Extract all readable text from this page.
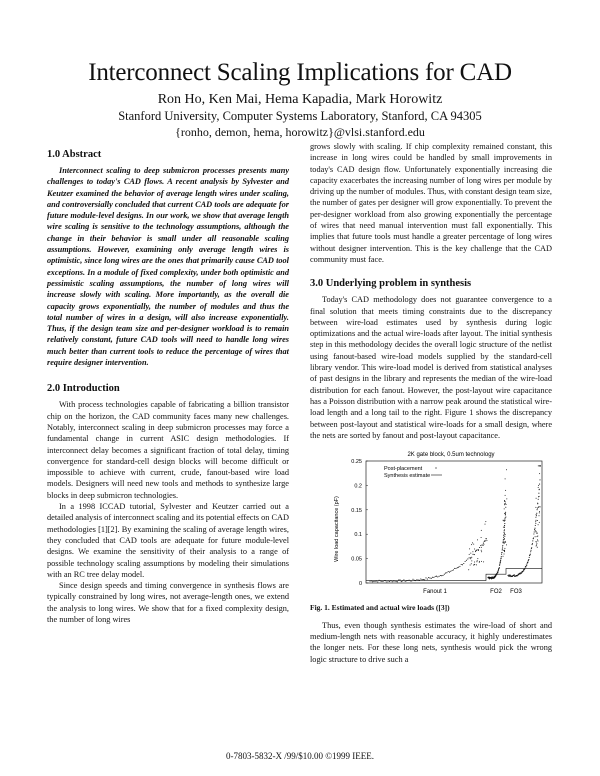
Interconnect Scaling Implications for CAD
Ron Ho, Ken Mai, Hema Kapadia, Mark Horowitz
Stanford University, Computer Systems Laboratory, Stanford, CA 94305
{ronho, demon, hema, horowitz}@vlsi.stanford.edu
1.0 Abstract

Interconnect scaling to deep submicron processes presents many challenges to today's CAD flows. A recent analysis by Sylvester and Keutzer examined the behavior of average length wires under scaling, and controversially concluded that current CAD tools are adequate for future module-level designs. In our work, we show that average length wire scaling is sensitive to the technology assumptions, although the change in their behavior is small under all reasonable scaling assumptions. However, examining only average length wires is optimistic, since long wires are the ones that primarily cause CAD tool exceptions. In a module of fixed complexity, under both optimistic and pessimistic scaling assumptions, the number of long wires will increase slowly with scaling. More importantly, as the overall die capacity grows exponentially, the number of modules and thus the total number of wires in a design, will also increase exponentially. Thus, if the design team size and per-designer workload is to remain relatively constant, future CAD tools will need to handle long wires much better than current tools to reduce the percentage of wires that require designer intervention.

2.0 Introduction

With process technologies capable of fabricating a billion transistor chip on the horizon, the CAD community faces many new challenges. Notably, interconnect scaling in deep submicron processes may force a fundamental change in current ASIC design methodologies. If interconnect delay becomes a significant fraction of total delay, timing convergence for standard-cell design blocks will become difficult or impossible to achieve with current, crude, fanout-based wire load models. Designers will need new tools and methods to synthesize large blocks in deep submicron technologies.

In a 1998 ICCAD tutorial, Sylvester and Keutzer carried out a detailed analysis of interconnect scaling and its potential effects on CAD methodologies [1][2]. By examining the scaling of average length wires, they concluded that CAD tools are adequate for future module-level designs. We examine the sensitivity of their analysis to a range of possible technology scaling assumptions by modeling their simulations with an RC tree delay model.

Since design speeds and timing convergence in synthesis flows are typically constrained by long wires, not average-length ones, we extend the analysis to long wires. We show that for a fixed complexity design, the number of long wires

grows slowly with scaling. If chip complexity remained constant, this increase in long wires could be handled by small improvements in today's CAD design flow. Unfortunately exponentially increasing die capacity exacerbates the increasing number of long wires per module by driving up the number of modules. Thus, with constant design team size, the number of gates per designer will grow exponentially. To prevent the per-designer workload from also growing exponentially the percentage of wires that need manual intervention must fall exponentially. This implies that future tools must handle a greater percentage of long wires without designer intervention. This is the key challenge that the CAD community must face.

3.0 Underlying problem in synthesis

Today's CAD methodology does not guarantee convergence to a final solution that meets timing constraints due to the discrepancy between wire-load estimates used by synthesis during logic optimizations and the actual wire-loads after layout. The initial synthesis step in this methodology decides the overall logic structure of the netlist using fanout-based wire-load models supplied by the standard-cell library vendor. This wire-load model is derived from statistical analyses of past designs in the library and represents the median of the wire-load distribution for each fanout. However, the post-layout wire capacitance has a Poisson distribution with a narrow peak around the statistical wire-load length and a long tail to the right. Figure 1 shows the discrepancy between post-layout and statistical wire-loads for a small design, where the nets are sorted by fanout and post-layout capacitance.

2K gate block, 0.5um technology
Wire load capacitance (pF)
0
0.05
0.1
0.15
0.2
0.25
Post-placement
Synthesis estimate
Fanout 1	FO2 FO3
Fig. 1. Estimated and actual wire loads ([3])

Thus, even though synthesis estimates the wire-load of short and medium-length nets with reasonable accuracy, it highly underestimates the longer nets. For these long nets, synthesis would pick the wrong logic structure to drive such a

0-7803-5832-X /99/$10.00 ©1999 IEEE.
